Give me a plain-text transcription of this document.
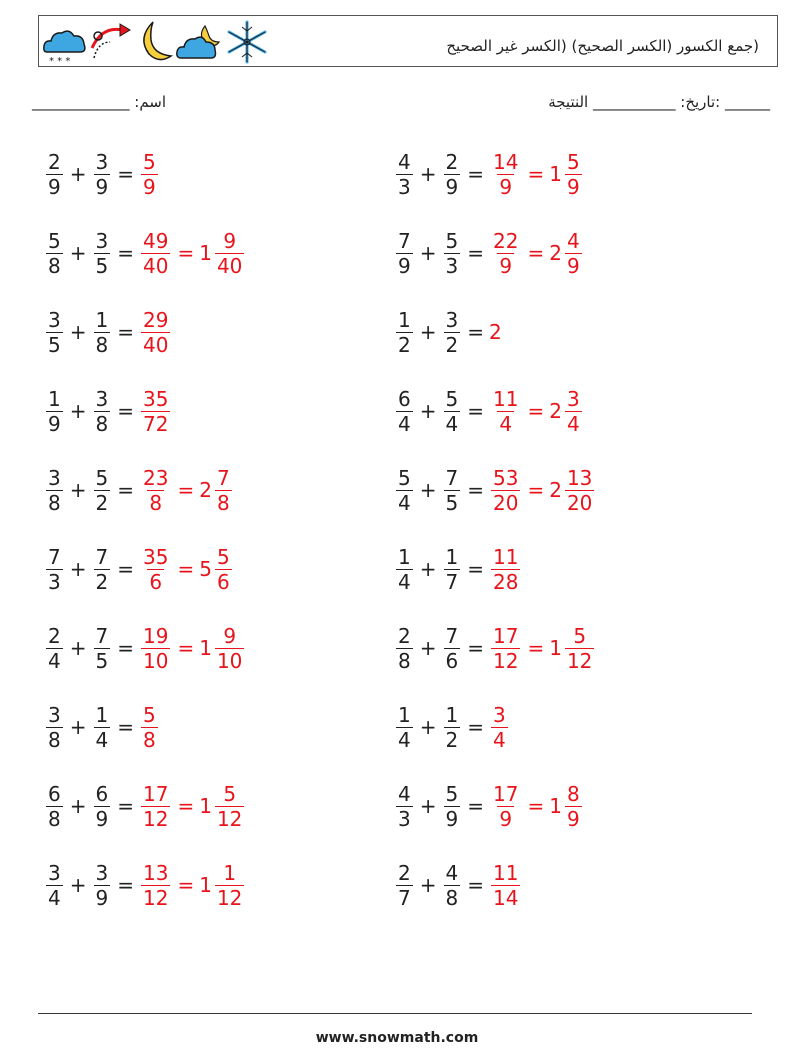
* * *
(جمع الكسور (الكسر الصحيح) (الكسر غير الصحيح
اسم: _____________	______ :تاريخ: ___________ النتيجة
$\frac{2}{9} + \frac{3}{9} = \frac{5}{9}$
$\frac{5}{8} + \frac{3}{5} = \frac{49}{40} = 1 \frac{9}{40}$
$\frac{3}{5} + \frac{1}{8} = \frac{29}{40}$
$\frac{1}{9} + \frac{3}{8} = \frac{35}{72}$
$\frac{3}{8} + \frac{5}{2} = \frac{23}{8} = 2 \frac{7}{8}$
$\frac{7}{3} + \frac{7}{2} = \frac{35}{6} = 5 \frac{5}{6}$
$\frac{2}{4} + \frac{7}{5} = \frac{19}{10} = 1 \frac{9}{10}$
$\frac{3}{8} + \frac{1}{4} = \frac{5}{8}$
$\frac{6}{8} + \frac{6}{9} = \frac{17}{12} = 1 \frac{5}{12}$
$\frac{3}{4} + \frac{3}{9} = \frac{13}{12} = 1 \frac{1}{12}$
$\frac{4}{3} + \frac{2}{9} = \frac{14}{9} = 1 \frac{5}{9}$
$\frac{7}{9} + \frac{5}{3} = \frac{22}{9} = 2 \frac{4}{9}$
$\frac{1}{2} + \frac{3}{2} = 2$
$\frac{6}{4} + \frac{5}{4} = \frac{11}{4} = 2 \frac{3}{4}$
$\frac{5}{4} + \frac{7}{5} = \frac{53}{20} = 2 \frac{13}{20}$
$\frac{1}{4} + \frac{1}{7} = \frac{11}{28}$
$\frac{2}{8} + \frac{7}{6} = \frac{17}{12} = 1 \frac{5}{12}$
$\frac{1}{4} + \frac{1}{2} = \frac{3}{4}$
$\frac{4}{3} + \frac{5}{9} = \frac{17}{9} = 1 \frac{8}{9}$
$\frac{2}{7} + \frac{4}{8} = \frac{11}{14}$
www.snowmath.com
